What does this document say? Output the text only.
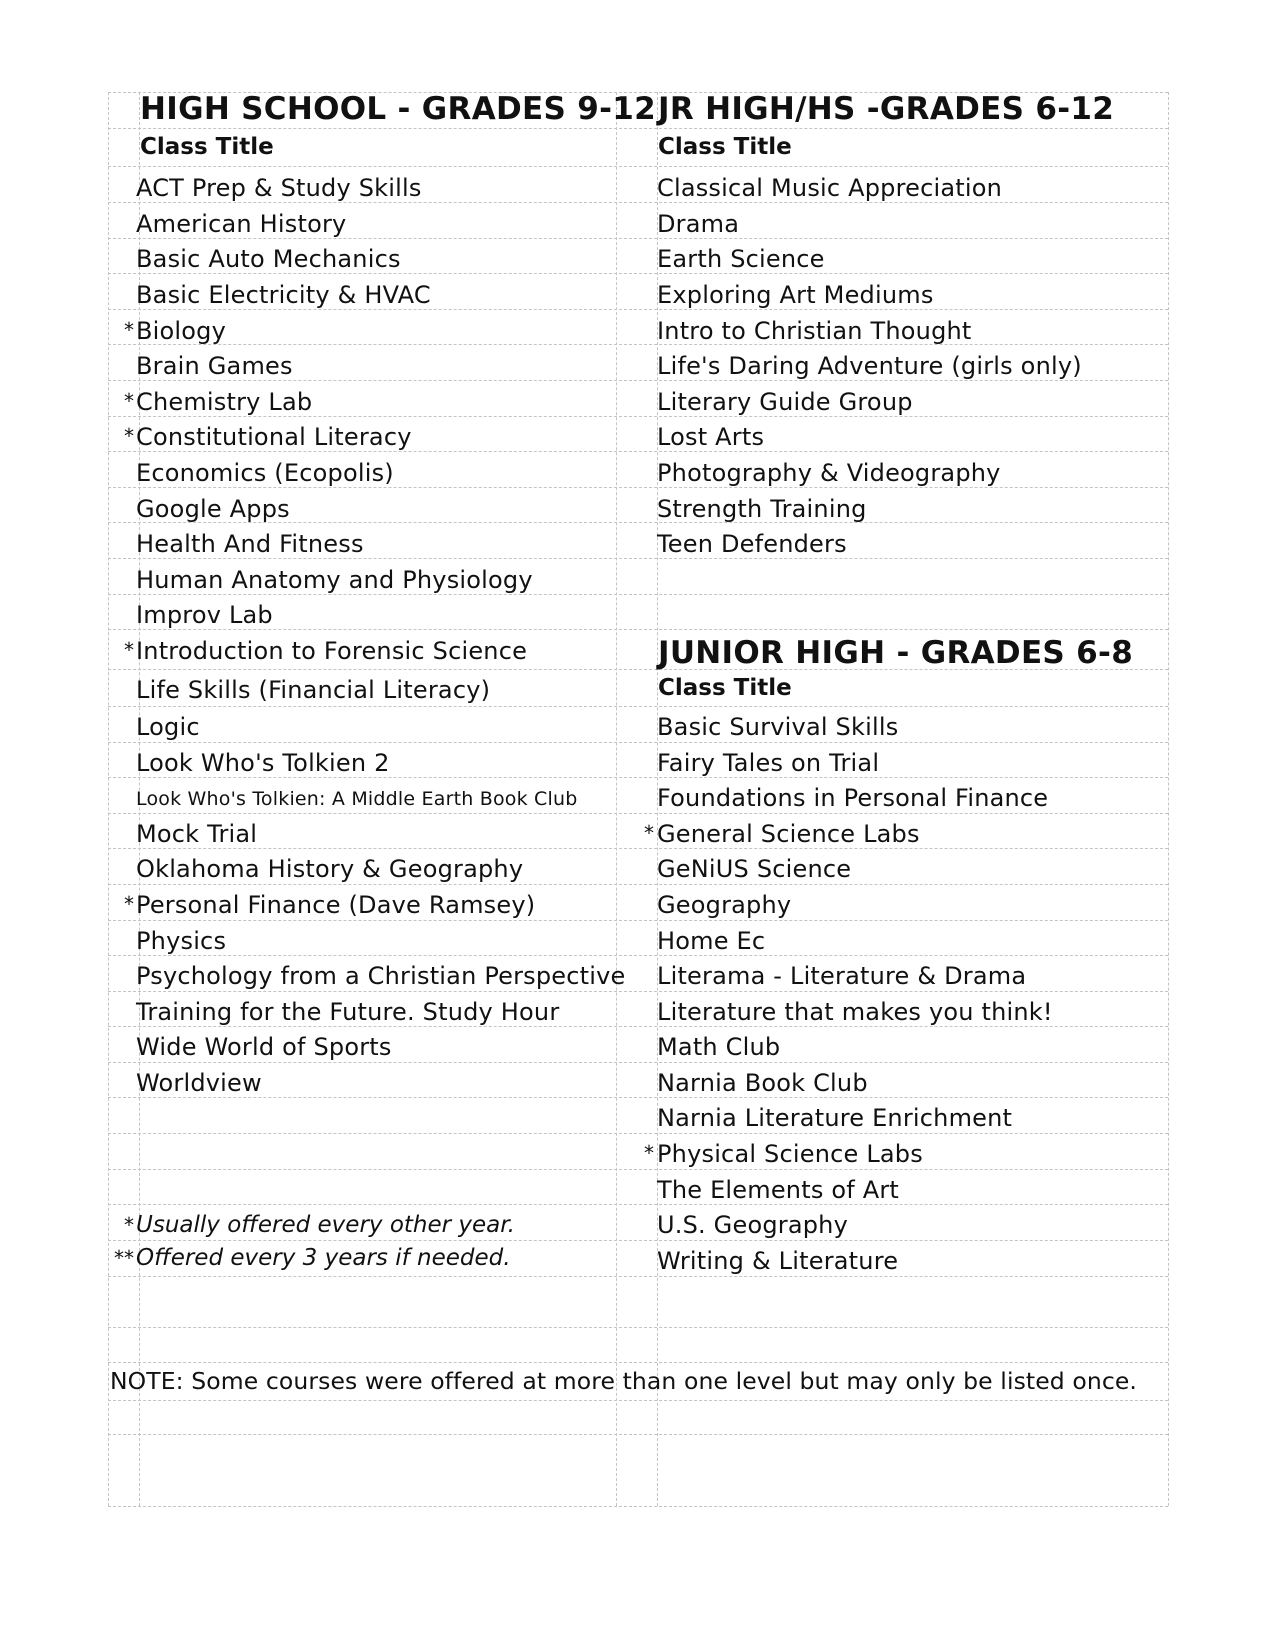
HIGH SCHOOL - GRADES 9-12
Class Title
ACT Prep & Study Skills
American History
Basic Auto Mechanics
Basic Electricity & HVAC
* Biology
Brain Games
* Chemistry Lab
* Constitutional Literacy
Economics (Ecopolis)
Google Apps
Health And Fitness
Human Anatomy and Physiology
Improv Lab
* Introduction to Forensic Science
Life Skills (Financial Literacy)
Logic
Look Who's Tolkien 2
Look Who's Tolkien: A Middle Earth Book Club
Mock Trial
Oklahoma History & Geography
* Personal Finance (Dave Ramsey)
Physics
Psychology from a Christian Perspective
Training for the Future. Study Hour
Wide World of Sports
Worldview
* Usually offered every other year.
** Offered every 3 years if needed.
JR HIGH/HS -GRADES 6-12
Class Title
Classical Music Appreciation
Drama
Earth Science
Exploring Art Mediums
Intro to Christian Thought
Life's Daring Adventure (girls only)
Literary Guide Group
Lost Arts
Photography & Videography
Strength Training
Teen Defenders
JUNIOR HIGH - GRADES 6-8
Class Title
Basic Survival Skills
Fairy Tales on Trial
Foundations in Personal Finance
* General Science Labs
GeNiUS Science
Geography
Home Ec
Literama - Literature & Drama
Literature that makes you think!
Math Club
Narnia Book Club
Narnia Literature Enrichment
* Physical Science Labs
The Elements of Art
U.S. Geography
Writing & Literature
NOTE: Some courses were offered at more than one level but may only be listed once.
